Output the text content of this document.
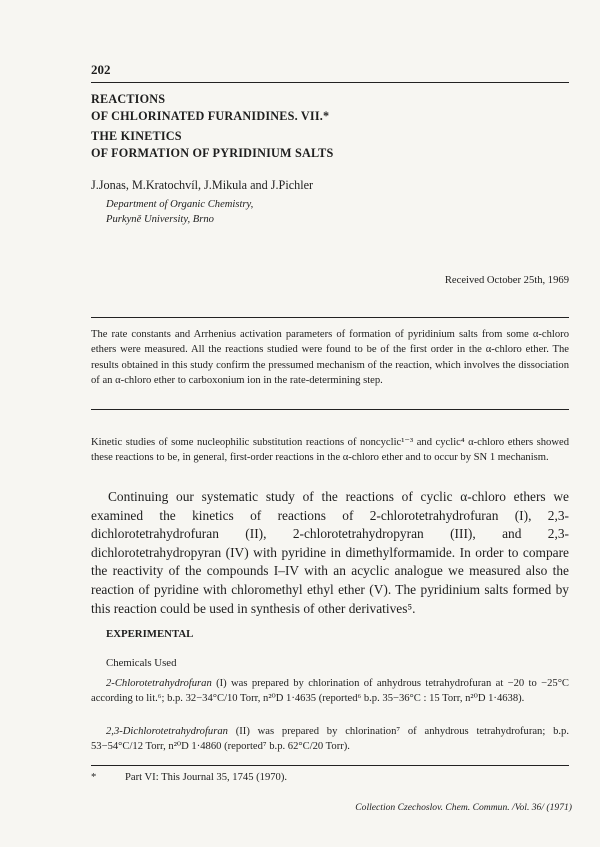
202
REACTIONS
OF CHLORINATED FURANIDINES. VII.*
THE KINETICS
OF FORMATION OF PYRIDINIUM SALTS
J.Jonas, M.Kratochvíl, J.Mikula and J.Pichler
Department of Organic Chemistry,
Purkyně University, Brno
Received October 25th, 1969
The rate constants and Arrhenius activation parameters of formation of pyridinium salts from some α-chloro ethers were measured. All the reactions studied were found to be of the first order in the α-chloro ether. The results obtained in this study confirm the pressumed mechanism of the reaction, which involves the dissociation of an α-chloro ether to carboxonium ion in the rate-determining step.
Kinetic studies of some nucleophilic substitution reactions of noncyclic¹⁻³ and cyclic⁴ α-chloro ethers showed these reactions to be, in general, first-order reactions in the α-chloro ether and to occur by SN 1 mechanism.

Continuing our systematic study of the reactions of cyclic α-chloro ethers we examined the kinetics of reactions of 2-chlorotetrahydrofuran (I), 2,3-dichlorotetrahydrofuran (II), 2-chlorotetrahydropyran (III), and 2,3-dichlorotetrahydropyran (IV) with pyridine in dimethylformamide. In order to compare the reactivity of the compounds I–IV with an acyclic analogue we measured also the reaction of pyridine with chloromethyl ethyl ether (V). The pyridinium salts formed by this reaction could be used in synthesis of other derivatives⁵.

EXPERIMENTAL
Chemicals Used

2-Chlorotetrahydrofuran (I) was prepared by chlorination of anhydrous tetrahydrofuran at −20 to −25°C according to lit.⁶; b.p. 32−34°C/10 Torr, n²⁰D 1·4635 (reported⁶ b.p. 35−36°C : 15 Torr, n²⁰D 1·4638).

2,3-Dichlorotetrahydrofuran (II) was prepared by chlorination⁷ of anhydrous tetrahydrofuran; b.p. 53−54°C/12 Torr, n²⁰D 1·4860 (reported⁷ b.p. 62°C/20 Torr).

*	Part VI: This Journal 35, 1745 (1970).
Collection Czechoslov. Chem. Commun. /Vol. 36/ (1971)
